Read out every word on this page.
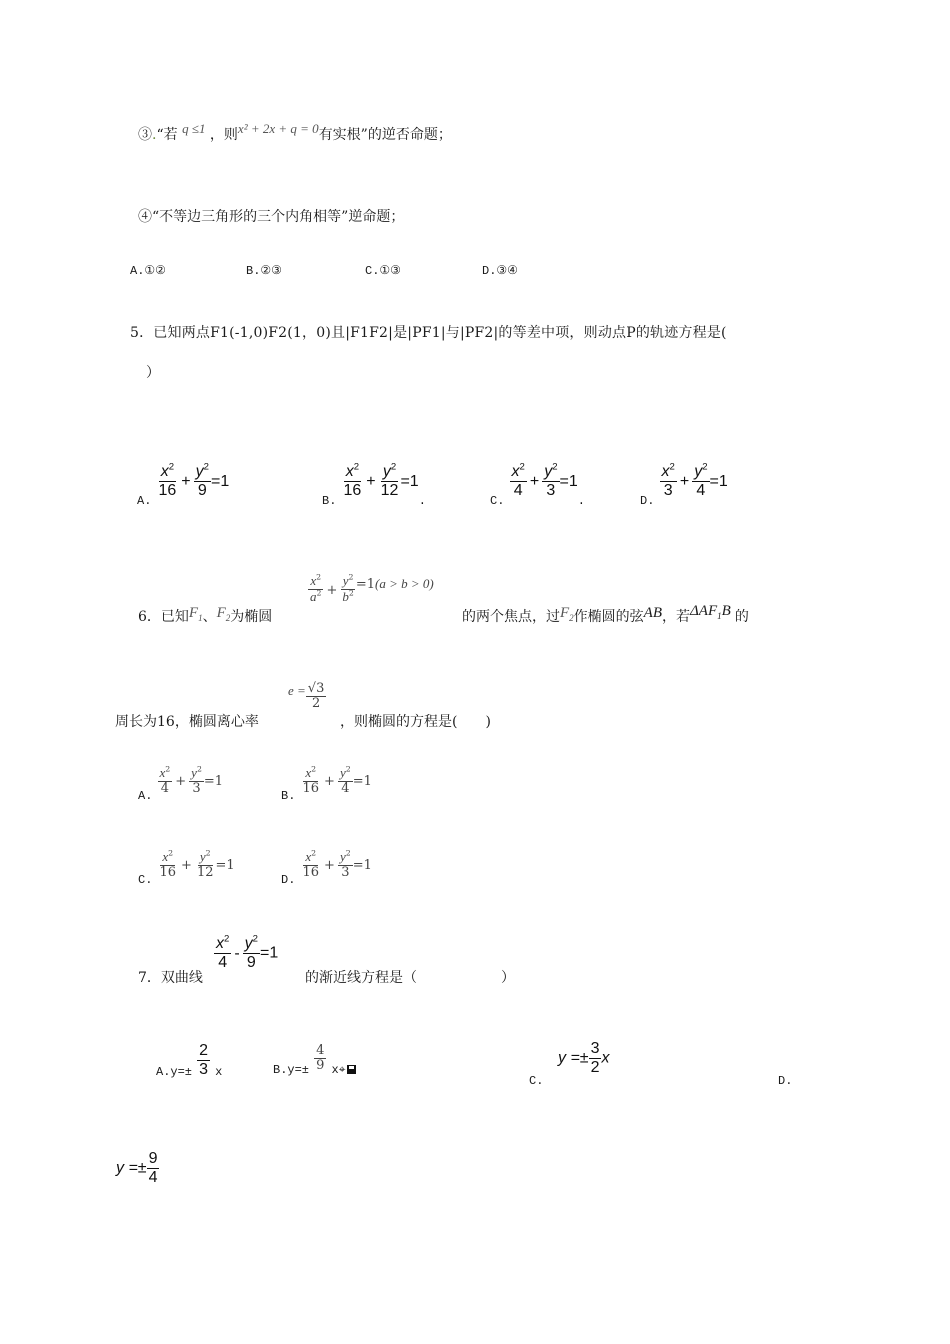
③.“若 q ≤1 ，则x² + 2x + q = 0有实根”的逆否命题；
④“不等边三角形的三个内角相等”逆命题；
A.①②	B.②③	C.①③	D.③④
5．已知两点F1(-1,0)F2(1，0)且|F1F2|是|PF1|与|PF2|的等差中项，则动点P的轨迹方程是(
）
$_{A.}$
$\frac{x^2}{16} + \frac{y^2}{9} =1$
$_{B.}$
$\frac{x^2}{16} + \frac{y^2}{12} =1_.$	$_{C.}$
$\frac{x^2}{4} + \frac{y^2}{3} =1_.$	$_{D.}$
$\frac{x^2}{3} + \frac{y^2}{4} =1$
6．已知$F_1$、$F_2$为椭圆
$\frac{x^2}{a^2} + \frac{y^2}{b^2} =1(a > b > 0)$
的两个焦点，过$F_2$作椭圆的弦AB，若$\Delta AF_1B$ 的
周长为16，椭圆离心率
$e = \frac{√3}{2}$
，则椭圆的方程是(　　)
$_{A.} \frac{x^2}{4} + \frac{y^2}{3} =1$
$_{B.} \frac{x^2}{16} + \frac{y^2}{4} =1$
$_{C.} \frac{x^2}{16} + \frac{y^2}{12} =1$
$_{D.} \frac{x^2}{16} + \frac{y^2}{3} =1$
7．双曲线
$\frac{x^2}{4} - \frac{y^2}{9} =1$
的渐近线方程是（　　　　　　）
$_{A.y=\pm} \frac{2}{3} _x$	$_{B.y=\pm} \frac{4}{9} _{x⌖}$
C.
$y =\pm \frac{3}{2}$ x
D.
$y =\pm \frac{9}{4}$
